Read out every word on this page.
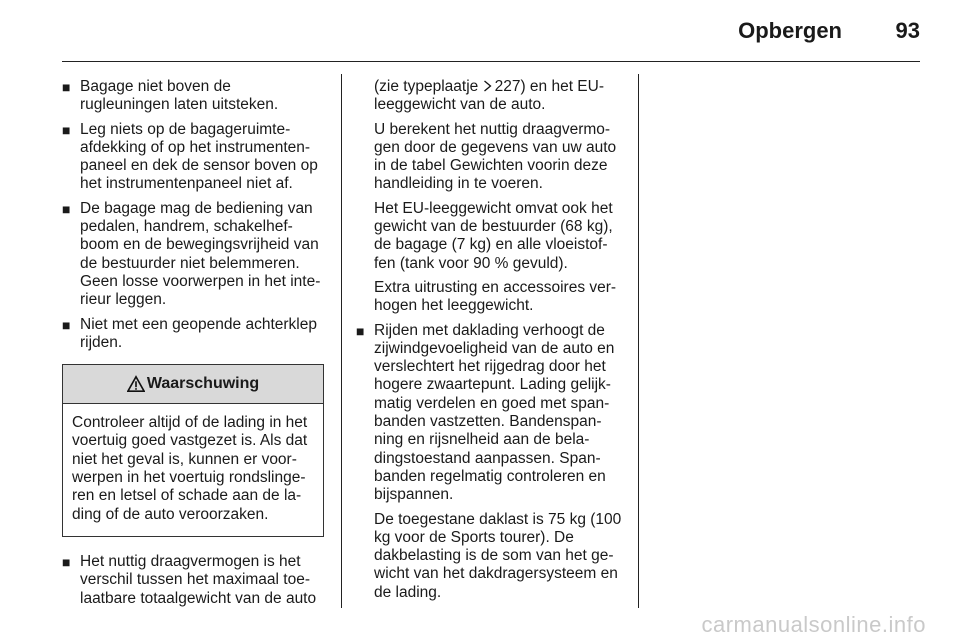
Opbergen 93
■ Bagage niet boven de rugleuningen laten uitsteken.
■ Leg niets op de bagageruimte-afdekking of op het instrumenten-paneel en dek de sensor boven op het instrumentenpaneel niet af.
■ De bagage mag de bediening van pedalen, handrem, schakelhef-boom en de bewegingsvrijheid van de bestuurder niet belemmeren. Geen losse voorwerpen in het inte-rieur leggen.
■ Niet met een geopende achterklep rijden.
Waarschuwing
Controleer altijd of de lading in het voertuig goed vastgezet is. Als dat niet het geval is, kunnen er voor-werpen in het voertuig rondslinge-ren en letsel of schade aan de la-ding of de auto veroorzaken.
■ Het nuttig draagvermogen is het verschil tussen het maximaal toe-laatbare totaalgewicht van de auto
(zie typeplaatje 227) en het EU-leeggewicht van de auto.
U berekent het nuttig draagvermo-gen door de gegevens van uw auto in de tabel Gewichten voorin deze handleiding in te voeren.
Het EU-leeggewicht omvat ook het gewicht van de bestuurder (68 kg), de bagage (7 kg) en alle vloeistof-fen (tank voor 90 % gevuld).
Extra uitrusting en accessoires ver-hogen het leeggewicht.
■ Rijden met daklading verhoogt de zijwindgevoeligheid van de auto en verslechtert het rijgedrag door het hogere zwaartepunt. Lading gelijk-matig verdelen en goed met span-banden vastzetten. Bandenspan-ning en rijsnelheid aan de bela-dingstoestand aanpassen. Span-banden regelmatig controleren en bijspannen.
De toegestane daklast is 75 kg (100 kg voor de Sports tourer). De dakbelasting is de som van het ge-wicht van het dakdragersysteem en de lading.
carmanualsonline.info
